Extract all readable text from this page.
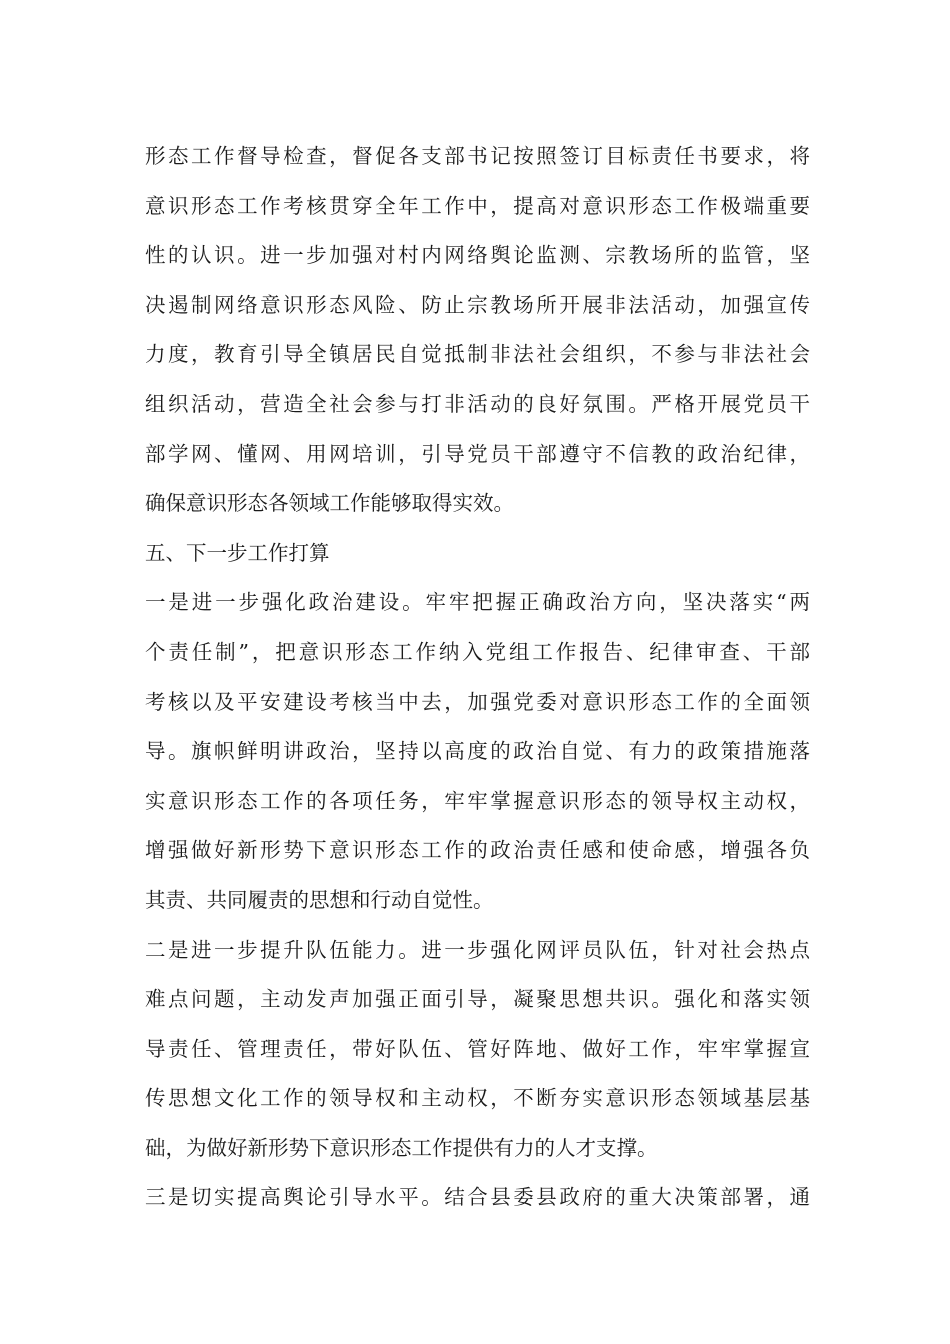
形态工作督导检查，督促各支部书记按照签订目标责任书要求，将
意识形态工作考核贯穿全年工作中，提高对意识形态工作极端重要
性的认识。进一步加强对村内网络舆论监测、宗教场所的监管，坚
决遏制网络意识形态风险、防止宗教场所开展非法活动，加强宣传
力度，教育引导全镇居民自觉抵制非法社会组织，不参与非法社会
组织活动，营造全社会参与打非活动的良好氛围。严格开展党员干
部学网、懂网、用网培训，引导党员干部遵守不信教的政治纪律，
确保意识形态各领域工作能够取得实效。
五、下一步工作打算
一是进一步强化政治建设。牢牢把握正确政治方向，坚决落实“两
个责任制”，把意识形态工作纳入党组工作报告、纪律审查、干部
考核以及平安建设考核当中去，加强党委对意识形态工作的全面领
导。旗帜鲜明讲政治，坚持以高度的政治自觉、有力的政策措施落
实意识形态工作的各项任务，牢牢掌握意识形态的领导权主动权，
增强做好新形势下意识形态工作的政治责任感和使命感，增强各负
其责、共同履责的思想和行动自觉性。
二是进一步提升队伍能力。进一步强化网评员队伍，针对社会热点
难点问题，主动发声加强正面引导，凝聚思想共识。强化和落实领
导责任、管理责任，带好队伍、管好阵地、做好工作，牢牢掌握宣
传思想文化工作的领导权和主动权，不断夯实意识形态领域基层基
础，为做好新形势下意识形态工作提供有力的人才支撑。
三是切实提高舆论引导水平。结合县委县政府的重大决策部署，通
